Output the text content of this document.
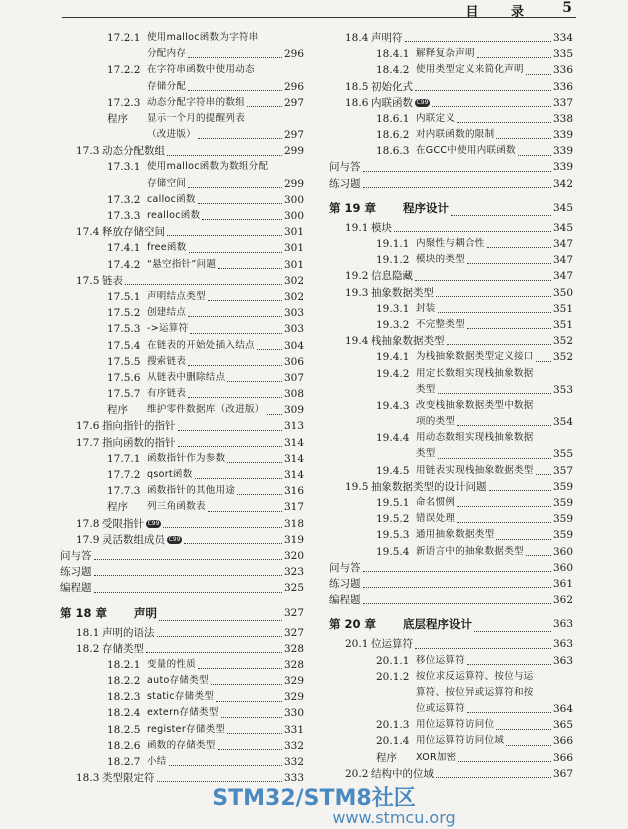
目 录 5
17.2.1 使用malloc函数为字符串
分配内存	296
17.2.2 在字符串函数中使用动态
存储分配	296
17.2.3 动态分配字符串的数组	297
程序	显示一个月的提醒列表
（改进版）	297
17.3 动态分配数组	299
17.3.1 使用malloc函数为数组分配
存储空间	299
17.3.2 calloc函数	300
17.3.3 realloc函数	300
17.4 释放存储空间	301
17.4.1 free函数	301
17.4.2 “悬空指针”问题	301
17.5 链表	302
17.5.1 声明结点类型	302
17.5.2 创建结点	303
17.5.3 ->运算符	303
17.5.4 在链表的开始处插入结点	304
17.5.5 搜索链表	306
17.5.6 从链表中删除结点	307
17.5.7 有序链表	308
程序	维护零件数据库（改进版） 309
17.6 指向指针的指针	313
17.7 指向函数的指针	314
17.7.1 函数指针作为参数	314
17.7.2 qsort函数	314
17.7.3 函数指针的其他用途	316
程序	列三角函数表	317
17.8 受限指针 C99	318
17.9 灵活数组成员 C99	319
问与答	320
练习题	323
编程题	325
第 18 章	声明	327
18.1 声明的语法	327
18.2 存储类型	328
18.2.1 变量的性质	328
18.2.2 auto存储类型	329
18.2.3 static存储类型	329
18.2.4 extern存储类型	330
18.2.5 register存储类型	331
18.2.6 函数的存储类型	332
18.2.7 小结	332
18.3 类型限定符	333
18.4 声明符	334
18.4.1 解释复杂声明	335
18.4.2 使用类型定义来简化声明	336
18.5 初始化式	336
18.6 内联函数 C99	337
18.6.1 内联定义	338
18.6.2 对内联函数的限制	339
18.6.3 在GCC中使用内联函数	339
问与答	339
练习题	342
第 19 章	程序设计	345
19.1 模块	345
19.1.1 内聚性与耦合性	347
19.1.2 模块的类型	347
19.2 信息隐藏	347
19.3 抽象数据类型	350
19.3.1 封装	351
19.3.2 不完整类型	351
19.4 栈抽象数据类型	352
19.4.1 为栈抽象数据类型定义接口 352
19.4.2 用定长数组实现栈抽象数据
类型	353
19.4.3 改变栈抽象数据类型中数据
项的类型	354
19.4.4 用动态数组实现栈抽象数据
类型	355
19.4.5 用链表实现栈抽象数据类型 357
19.5 抽象数据类型的设计问题	359
19.5.1 命名惯例	359
19.5.2 错误处理	359
19.5.3 通用抽象数据类型	359
19.5.4 新语言中的抽象数据类型	360
问与答	360
练习题	361
编程题	362
第 20 章	底层程序设计	363
20.1 位运算符	363
20.1.1 移位运算符	363
20.1.2 按位求反运算符、按位与运
算符、按位异或运算符和按
位或运算符	364
20.1.3 用位运算符访问位	365
20.1.4 用位运算符访问位域	366
程序	XOR加密	366
20.2 结构中的位域	367
STM32/STM8社区
www.stmcu.org
